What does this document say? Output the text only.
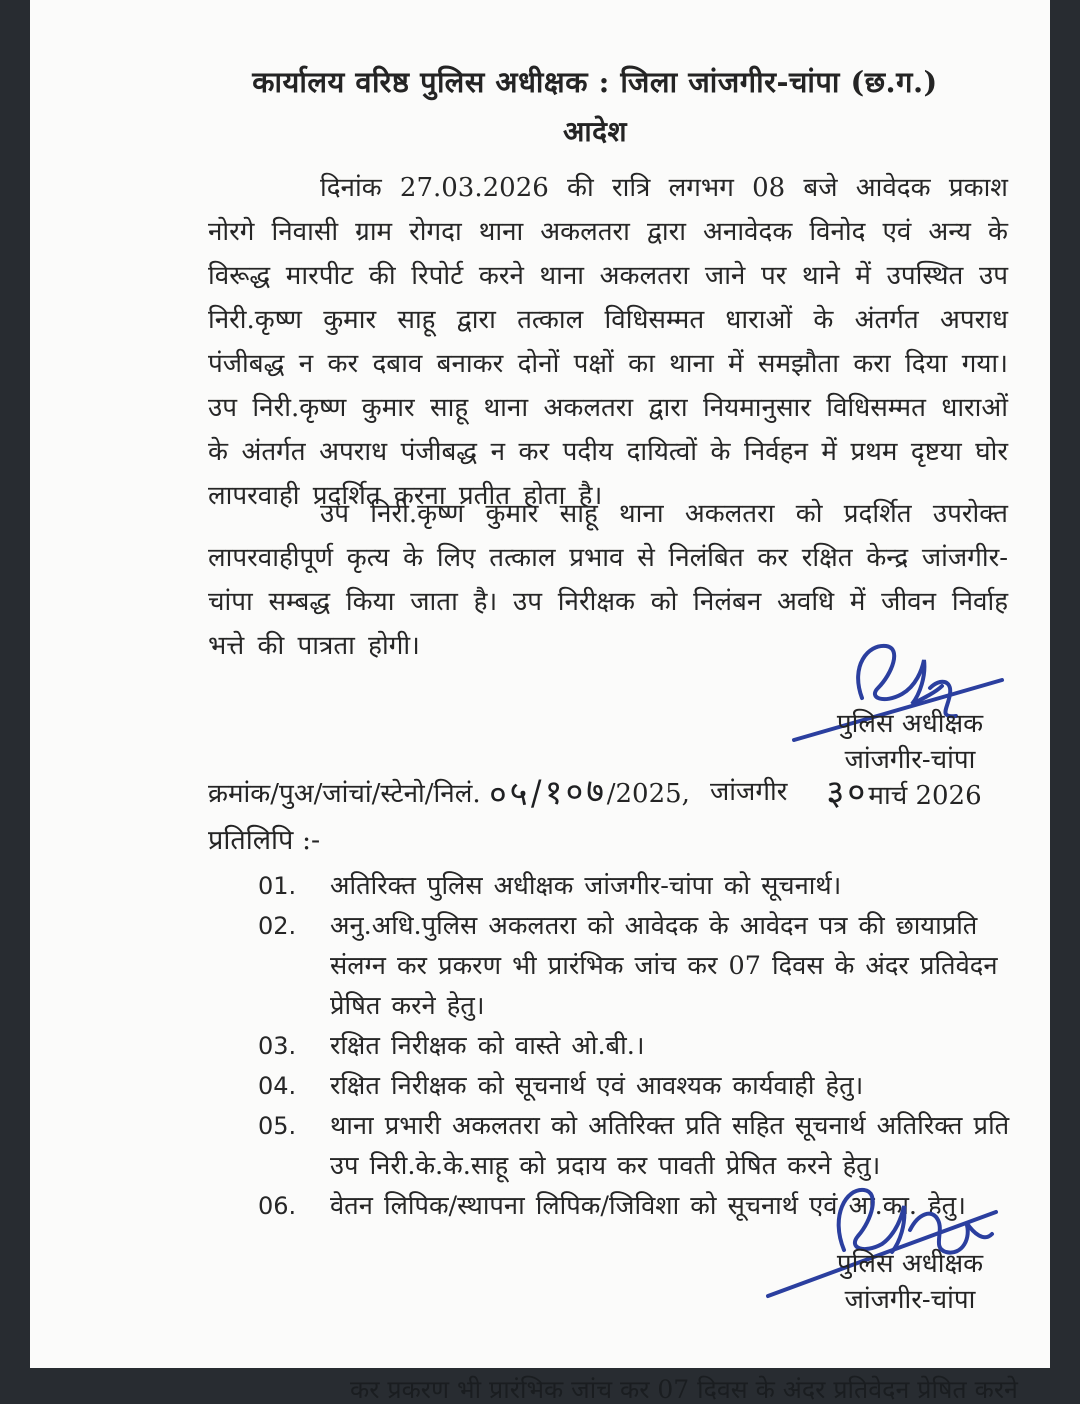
कार्यालय वरिष्ठ पुलिस अधीक्षक : जिला जांजगीर-चांपा (छ.ग.)
आदेश
दिनांक 27.03.2026 की रात्रि लगभग 08 बजे आवेदक प्रकाश नोरगे निवासी ग्राम रोगदा थाना अकलतरा द्वारा अनावेदक विनोद एवं अन्य के विरूद्ध मारपीट की रिपोर्ट करने थाना अकलतरा जाने पर थाने में उपस्थित उप निरी.कृष्ण कुमार साहू द्वारा तत्काल विधिसम्मत धाराओं के अंतर्गत अपराध पंजीबद्ध न कर दबाव बनाकर दोनों पक्षों का थाना में समझौता करा दिया गया। उप निरी.कृष्ण कुमार साहू थाना अकलतरा द्वारा नियमानुसार विधिसम्मत धाराओं के अंतर्गत अपराध पंजीबद्ध न कर पदीय दायित्वों के निर्वहन में प्रथम दृष्टया घोर लापरवाही प्रदर्शित करना प्रतीत होता है।
उप निरी.कृष्ण कुमार साहू थाना अकलतरा को प्रदर्शित उपरोक्त लापरवाहीपूर्ण कृत्य के लिए तत्काल प्रभाव से निलंबित कर रक्षित केन्द्र जांजगीर-चांपा सम्बद्ध किया जाता है। उप निरीक्षक को निलंबन अवधि में जीवन निर्वाह भत्ते की पात्रता होगी।
पुलिस अधीक्षक
जांजगीर-चांपा
३०मार्च 2026
क्रमांक/पुअ/जांचां/स्टेनो/निलं. ०५/१०७/2025, जांजगीर
प्रतिलिपि :-
01.	अतिरिक्त पुलिस अधीक्षक जांजगीर-चांपा को सूचनार्थ।
02.	अनु.अधि.पुलिस अकलतरा को आवेदक के आवेदन पत्र की छायाप्रति संलग्न कर प्रकरण भी प्रारंभिक जांच कर 07 दिवस के अंदर प्रतिवेदन प्रेषित करने हेतु।
03.	रक्षित निरीक्षक को वास्ते ओ.बी.।
04.	रक्षित निरीक्षक को सूचनार्थ एवं आवश्यक कार्यवाही हेतु।
05.	थाना प्रभारी अकलतरा को अतिरिक्त प्रति सहित सूचनार्थ अतिरिक्त प्रति उप निरी.के.के.साहू को प्रदाय कर पावती प्रेषित करने हेतु।
06.	वेतन लिपिक/स्थापना लिपिक/जिविशा को सूचनार्थ एवं आ.का. हेतु।
पुलिस अधीक्षक
जांजगीर-चांपा
कर प्रकरण भी प्रारंभिक जांच कर 07 दिवस के अंदर प्रतिवेदन प्रेषित करने
